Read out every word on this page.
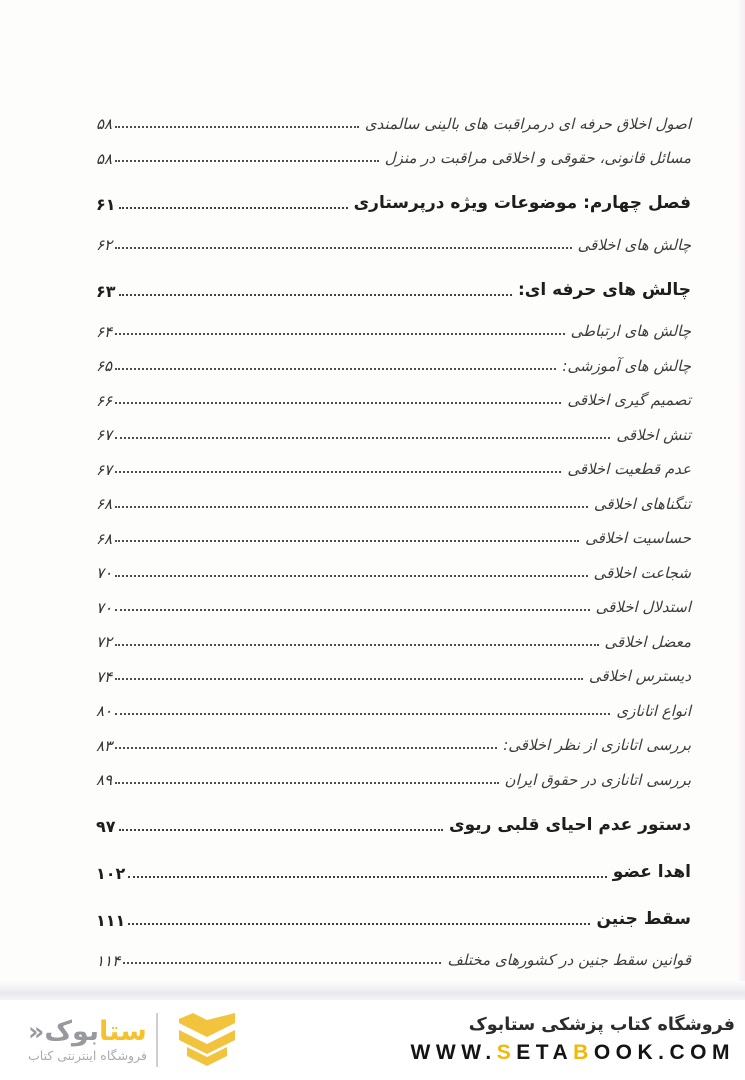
اصول اخلاق حرفه ای درمراقبت های بالینی سالمندی
۵۸
مسائل قانونی، حقوقی و اخلاقی مراقبت در منزل
۵۸
فصل چهارم: موضوعات ویژه درپرستاری
۶۱
چالش های اخلاقی
۶۲
چالش های حرفه ای:
۶۳
چالش های ارتباطی
۶۴
چالش های آموزشی:
۶۵
تصمیم گیری اخلاقی
۶۶
تنش اخلاقی
۶۷
عدم قطعیت اخلاقی
۶۷
تنگناهای اخلاقی
۶۸
حساسیت اخلاقی
۶۸
شجاعت اخلاقی
۷۰
استدلال اخلاقی
۷۰
معضل اخلاقی
۷۲
دیسترس اخلاقی
۷۴
انواع اتانازی
۸۰
بررسی اتانازی از نظر اخلاقی:
۸۳
بررسی اتانازی در حقوق ایران
۸۹
دستور عدم احیای قلبی ریوی
۹۷
اهدا عضو
۱۰۲
سقط جنین
۱۱۱
قوانین سقط جنین در کشورهای مختلف
۱۱۴
ستابوک«
فروشگاه اینترنتی کتاب
فروشگاه کتاب پزشکی ستابوک
WWW.SETABOOK.COM
